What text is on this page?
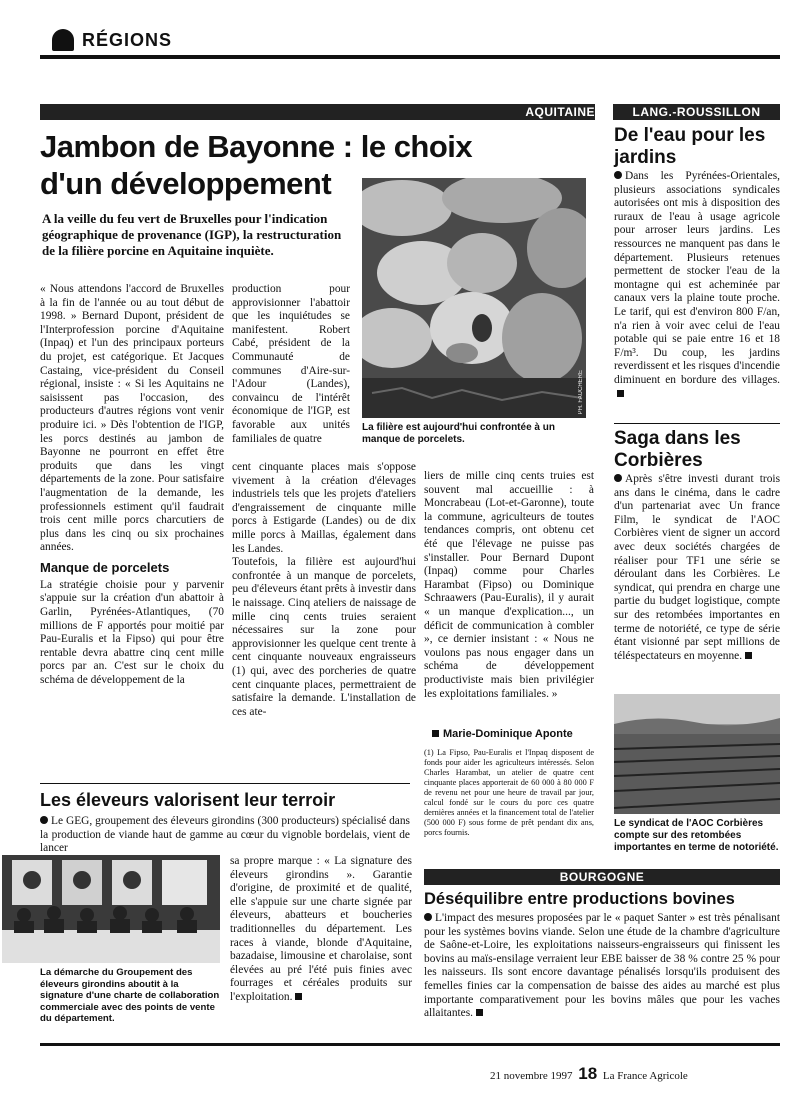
RÉGIONS
AQUITAINE
Jambon de Bayonne : le choix d'un développement
A la veille du feu vert de Bruxelles pour l'indication géographique de provenance (IGP), la restructuration de la filière porcine en Aquitaine inquiète.

« Nous attendons l'accord de Bruxelles à la fin de l'année ou au tout début de 1998. » Bernard Dupont, président de l'Interprofession porcine d'Aquitaine (Inpaq) et l'un des principaux porteurs du projet, est catégorique. Et Jacques Castaing, vice-président du Conseil régional, insiste : « Si les Aquitains ne saisissent pas l'occasion, des producteurs d'autres régions vont venir produire ici. » Dès l'obtention de l'IGP, les porcs destinés au jambon de Bayonne ne pourront en effet être produits que dans les vingt départements de la zone. Pour satisfaire l'augmentation de la demande, les professionnels estiment qu'il faudrait trois cent mille porcs charcutiers de plus dans les cinq ou six prochaines années.

Manque de porcelets

La stratégie choisie pour y parvenir s'appuie sur la création d'un abattoir à Garlin, Pyrénées-Atlantiques, (70 millions de F apportés pour moitié par Pau-Euralis et la Fipso) qui pour être rentable devra abattre cinq cent mille porcs par an. C'est sur le choix du schéma de développement de la

production pour approvisionner l'abattoir que les inquiétudes se manifestent. Robert Cabé, président de la Communauté de communes d'Aire-sur-l'Adour (Landes), convaincu de l'intérêt économique de l'IGP, est favorable aux unités familiales de quatre

cent cinquante places mais s'oppose vivement à la création d'élevages industriels tels que les projets d'ateliers d'engraissement de cinquante mille porcs à Estigarde (Landes) ou de dix mille porcs à Maillas, également dans les Landes.

Toutefois, la filière est aujourd'hui confrontée à un manque de porcelets, peu d'éleveurs étant prêts à investir dans le naissage. Cinq ateliers de naissage de mille cinq cents truies seraient nécessaires sur la zone pour approvisionner les quelque cent trente à cent cinquante nouveaux engraisseurs (1) qui, avec des porcheries de quatre cent cinquante places, permettraient de satisfaire la demande. L'installation de ces ate-

PH. FAUCHERE
La filière est aujourd'hui confrontée à un manque de porcelets.
liers de mille cinq cents truies est souvent mal accueillie : à Moncrabeau (Lot-et-Garonne), toute la commune, agriculteurs de toutes tendances compris, ont obtenu cet été que l'élevage ne puisse pas s'installer. Pour Bernard Dupont (Inpaq) comme pour Charles Harambat (Fipso) ou Dominique Schraawers (Pau-Euralis), il y aurait « un manque d'explication..., un déficit de communication à combler », ce dernier insistant : « Nous ne voulons pas nous engager dans un schéma de développement productiviste mais bien privilégier les exploitations familiales. »
Marie-Dominique Aponte
(1) La Fipso, Pau-Euralis et l'Inpaq disposent de fonds pour aider les agriculteurs intéressés. Selon Charles Harambat, un atelier de quatre cent cinquante places apporterait de 60 000 à 80 000 F de revenu net pour une heure de travail par jour, calcul fondé sur le cours du porc ces quatre dernières années et la financement total de l'atelier (500 000 F) sous forme de prêt pendant dix ans, porcs fournis.
LANG.-ROUSSILLON
De l'eau pour les jardins
Dans les Pyrénées-Orientales, plusieurs associations syndicales autorisées ont mis à disposition des ruraux de l'eau à usage agricole pour arroser leurs jardins. Les ressources ne manquent pas dans le département. Plusieurs retenues permettent de stocker l'eau de la montagne qui est acheminée par canaux vers la plaine toute proche. Le tarif, qui est d'environ 800 F/an, n'a rien à voir avec celui de l'eau potable qui se paie entre 16 et 18 F/m³. Du coup, les jardins reverdissent et les risques d'incendie diminuent en bordure des villages.
Saga dans les Corbières
Après s'être investi durant trois ans dans le cinéma, dans le cadre d'un partenariat avec Un france Film, le syndicat de l'AOC Corbières vient de signer un accord avec deux sociétés chargées de réaliser pour TF1 une série se déroulant dans les Corbières. Le syndicat, qui prendra en charge une partie du budget logistique, compte sur des retombées importantes en terme de notoriété, ce type de série étant visionné par sept millions de téléspectateurs en moyenne.
Le syndicat de l'AOC Corbières compte sur des retombées importantes en terme de notoriété.
Les éleveurs valorisent leur terroir
Le GEG, groupement des éleveurs girondins (300 producteurs) spécialisé dans la production de viande haut de gamme au cœur du vignoble bordelais, vient de lancer
La démarche du Groupement des éleveurs girondins aboutit à la signature d'une charte de collaboration commerciale avec des points de vente du département.
sa propre marque : « La signature des éleveurs girondins ». Garantie d'origine, de proximité et de qualité, elle s'appuie sur une charte signée par éleveurs, abatteurs et boucheries traditionnelles du département. Les races à viande, blonde d'Aquitaine, bazadaise, limousine et charolaise, sont élevées au pré l'été puis finies avec fourrages et céréales produits sur l'exploitation.
BOURGOGNE
Déséquilibre entre productions bovines
L'impact des mesures proposées par le « paquet Santer » est très pénalisant pour les systèmes bovins viande. Selon une étude de la chambre d'agriculture de Saône-et-Loire, les exploitations naisseurs-engraisseurs qui finissent les bovins au maïs-ensilage verraient leur EBE baisser de 38 % contre 25 % pour les naisseurs. Ils sont encore davantage pénalisés lorsqu'ils produisent des femelles finies car la compensation de baisse des aides au marché est plus importante comparativement pour les bovins mâles que pour les vaches allaitantes.
21 novembre 1997 18 La France Agricole
